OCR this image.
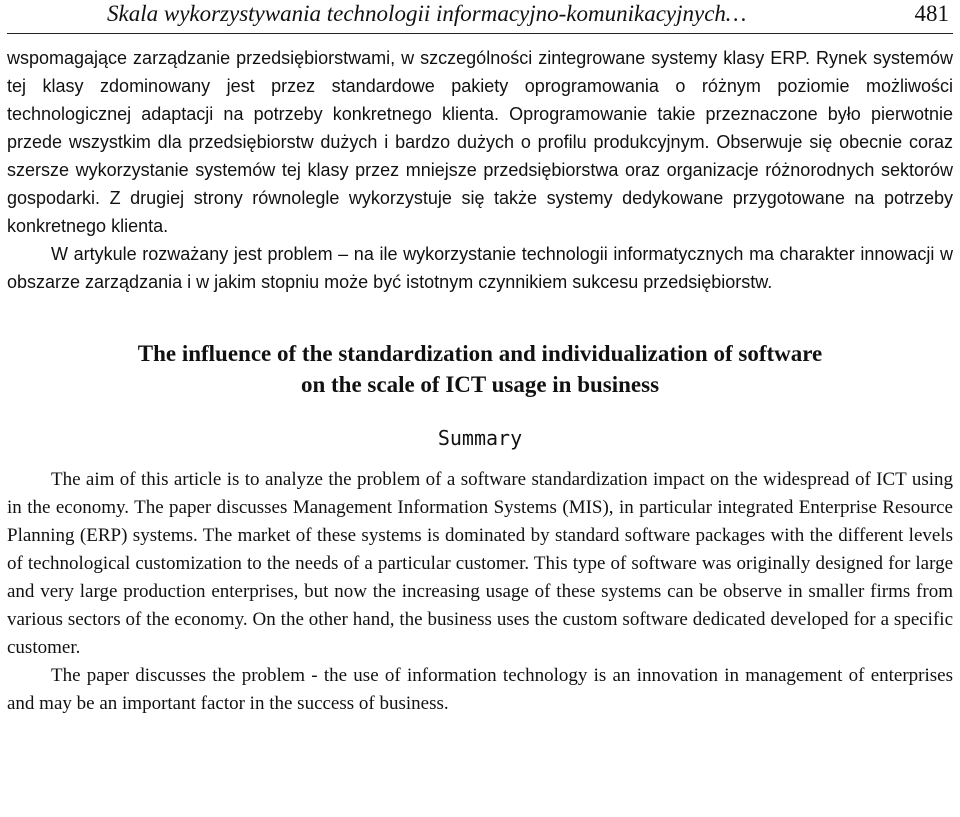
Skala wykorzystywania technologii informacyjno-komunikacyjnych…	481

wspomagające zarządzanie przedsiębiorstwami, w szczególności zintegrowane systemy klasy ERP. Rynek systemów tej klasy zdominowany jest przez standardowe pakiety oprogramowania o różnym poziomie możliwości technologicznej adaptacji na potrzeby konkretnego klienta. Oprogramowanie takie przeznaczone było pierwotnie przede wszystkim dla przedsiębiorstw dużych i bardzo dużych o profilu produkcyjnym. Obserwuje się obecnie coraz szersze wykorzystanie systemów tej klasy przez mniejsze przedsiębiorstwa oraz organizacje różnorodnych sektorów gospodarki. Z drugiej strony równolegle wykorzystuje się także systemy dedykowane przygotowane na potrzeby konkretnego klienta.

W artykule rozważany jest problem – na ile wykorzystanie technologii informatycznych ma charakter innowacji w obszarze zarządzania i w jakim stopniu może być istotnym czynnikiem sukcesu przedsiębiorstw.

The influence of the standardization and individualization of software
on the scale of ICT usage in business
Summary

The aim of this article is to analyze the problem of a software standardization impact on the widespread of ICT using in the economy. The paper discusses Management Information Systems (MIS), in particular integrated Enterprise Resource Planning (ERP) systems. The market of these systems is dominated by standard software packages with the different levels of technological customization to the needs of a particular customer. This type of software was originally designed for large and very large production enterprises, but now the increasing usage of these systems can be observe in smaller firms from various sectors of the economy. On the other hand, the business uses the custom software dedicated developed for a specific customer.

The paper discusses the problem - the use of information technology is an innovation in management of enterprises and may be an important factor in the success of business.
